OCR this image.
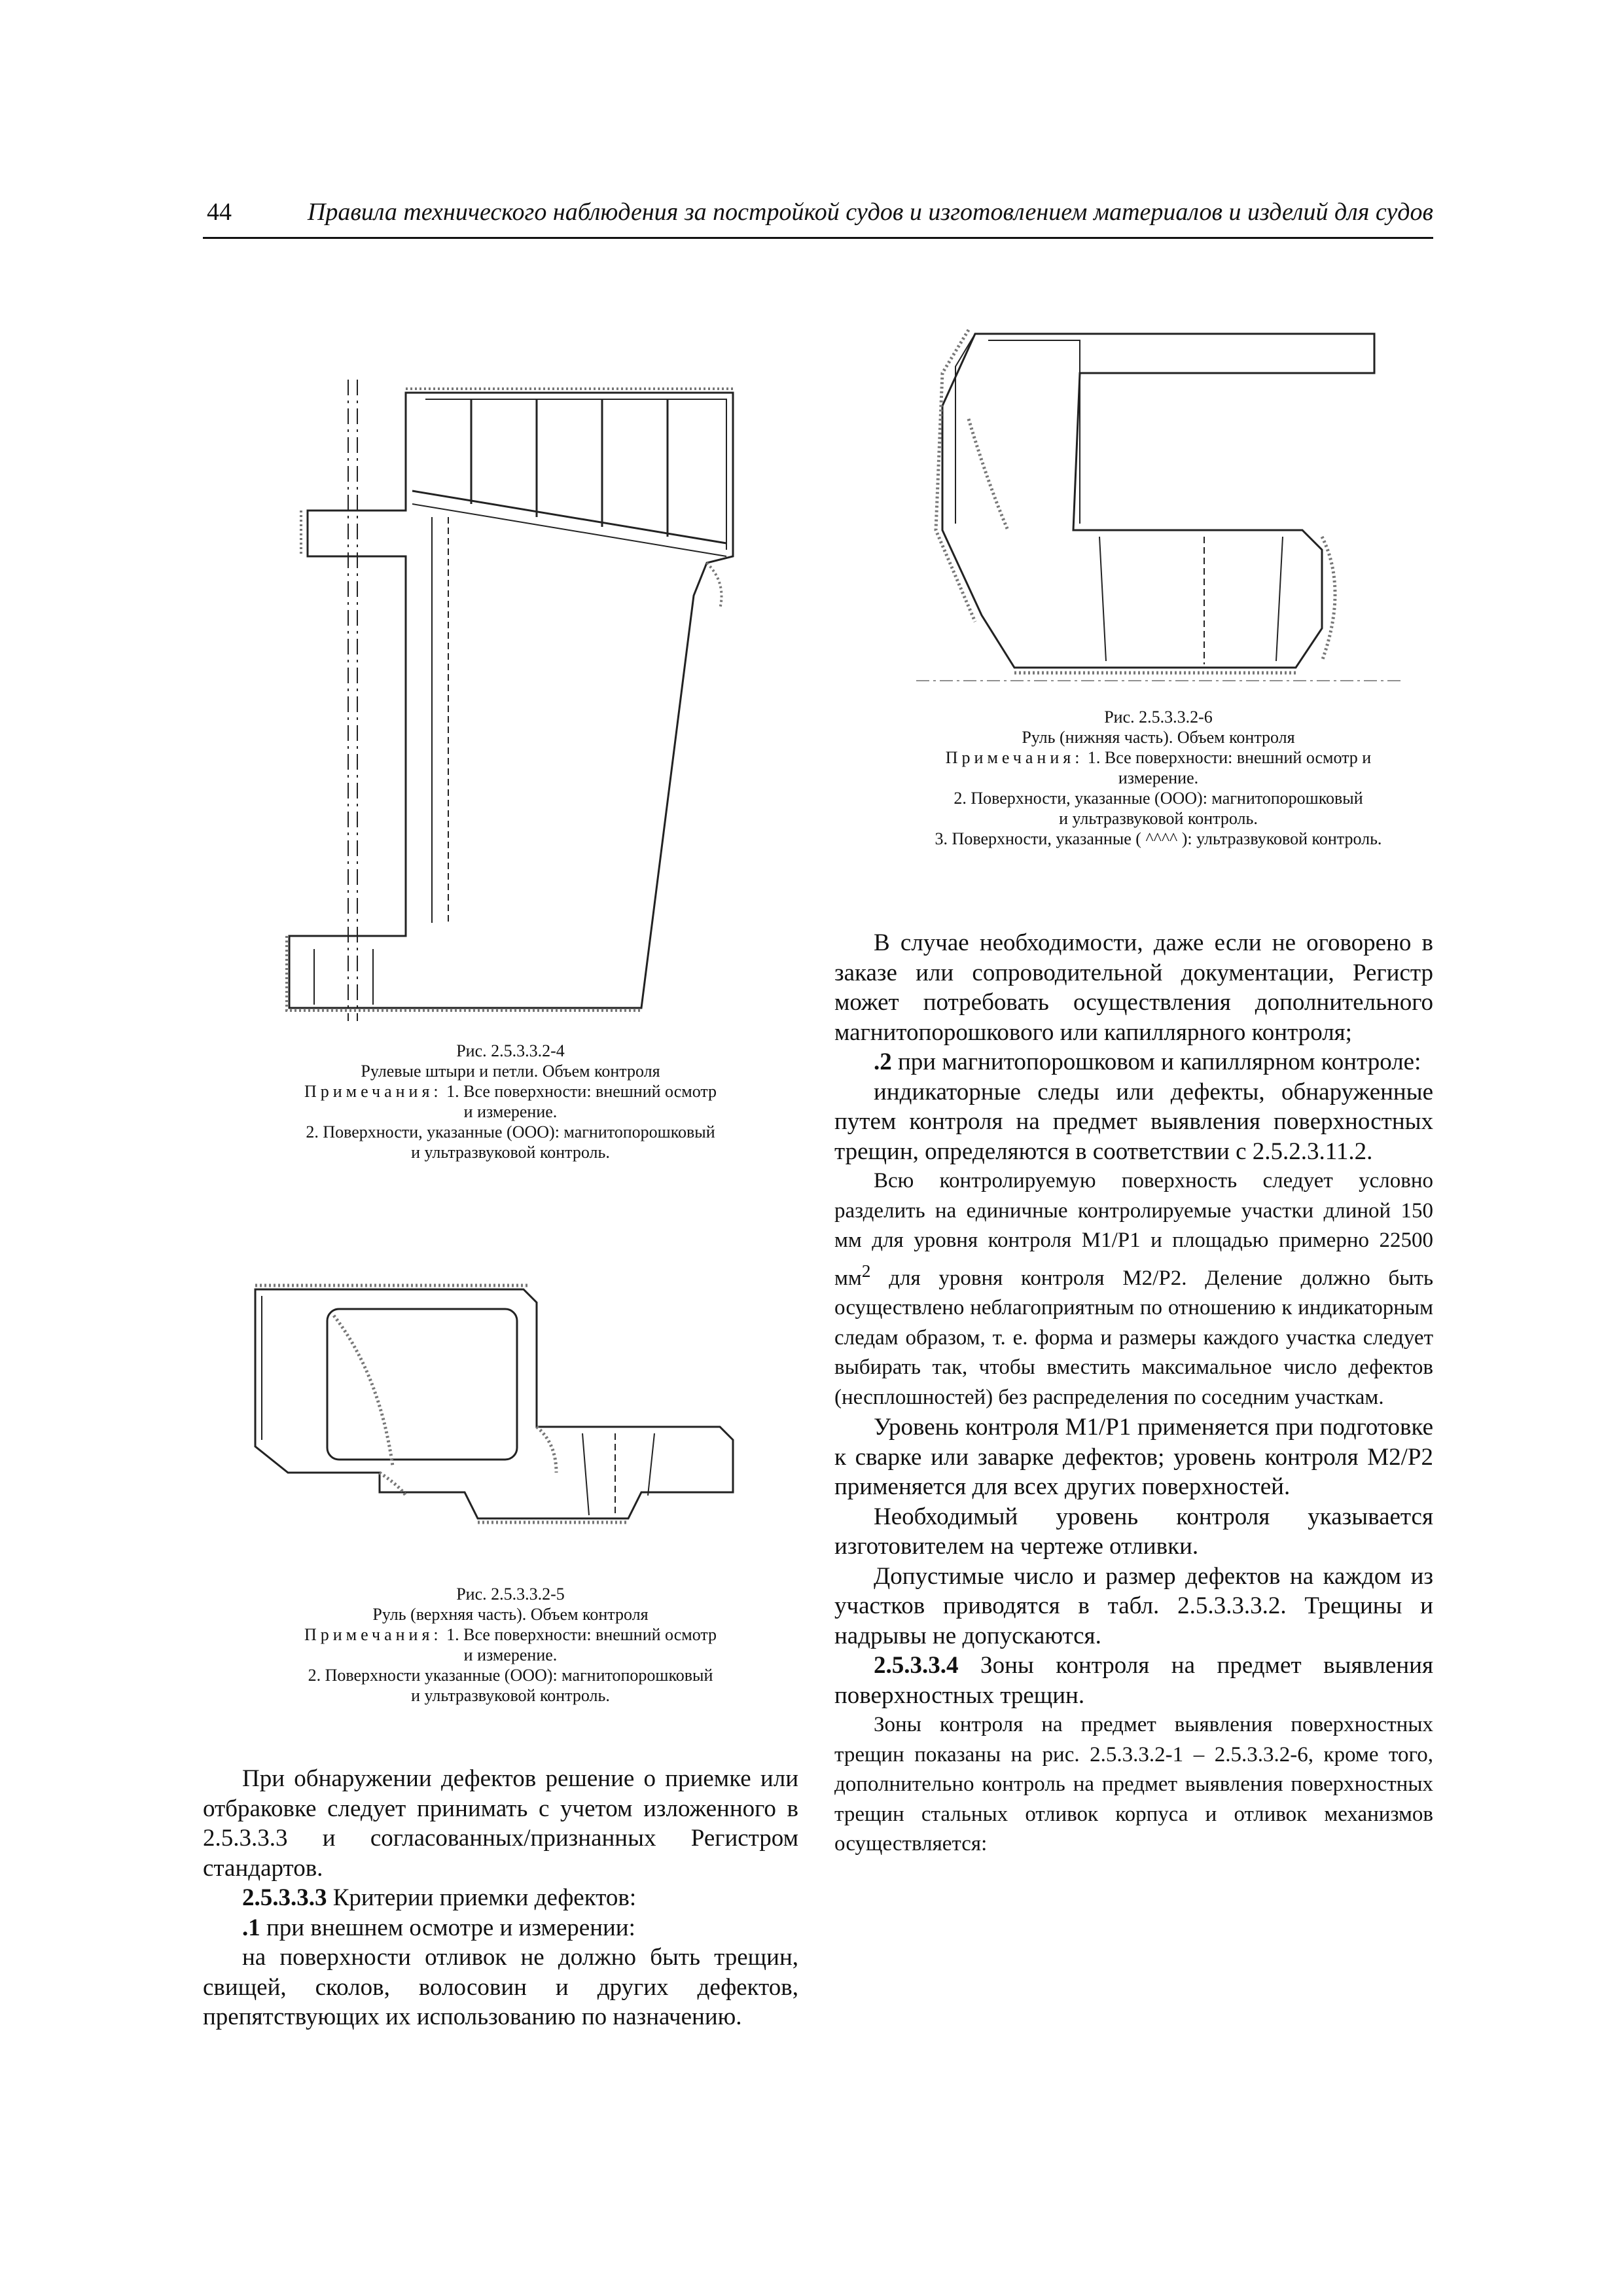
44	Правила технического наблюдения за постройкой судов и изготовлением материалов и изделий для судов
Рис. 2.5.3.3.2-4
Рулевые штыри и петли. Объем контроля
Примечания: 1. Все поверхности: внешний осмотр
и измерение.
2. Поверхности, указанные (ООО): магнитопорошковый
и ультразвуковой контроль.
Рис. 2.5.3.3.2-5
Руль (верхняя часть). Объем контроля
Примечания: 1. Все поверхности: внешний осмотр
и измерение.
2. Поверхности указанные (ООО): магнитопорошковый
и ультразвуковой контроль.
Рис. 2.5.3.3.2-6
Руль (нижняя часть). Объем контроля
Примечания: 1. Все поверхности: внешний осмотр и
измерение.
2. Поверхности, указанные (ООО): магнитопорошковый
и ультразвуковой контроль.
3. Поверхности, указанные ( ^^^^ ): ультразвуковой контроль.

При обнаружении дефектов решение о приемке или отбраковке следует принимать с учетом изложенного в 2.5.3.3.3 и согласованных/признанных Регистром стандартов.

2.5.3.3.3 Критерии приемки дефектов:

.1 при внешнем осмотре и измерении:

на поверхности отливок не должно быть трещин, свищей, сколов, волосовин и других дефектов, препятствующих их использованию по назначению.

В случае необходимости, даже если не оговорено в заказе или сопроводительной документации, Регистр может потребовать осуществления дополнительного магнитопорошкового или капиллярного контроля;

.2 при магнитопорошковом и капиллярном контроле:

индикаторные следы или дефекты, обнаруженные путем контроля на предмет выявления поверхностных трещин, определяются в соответствии с 2.5.2.3.11.2.

Всю контролируемую поверхность следует условно разделить на единичные контролируемые участки длиной 150 мм для уровня контроля M1/P1 и площадью примерно 22500 $мм^2$ для уровня контроля M2/P2. Деление должно быть осуществлено неблагоприятным по отношению к индикаторным следам образом, т. е. форма и размеры каждого участка следует выбирать так, чтобы вместить максимальное число дефектов (несплошностей) без распределения по соседним участкам.

Уровень контроля M1/P1 применяется при подготовке к сварке или заварке дефектов; уровень контроля M2/P2 применяется для всех других поверхностей.

Необходимый уровень контроля указывается изготовителем на чертеже отливки.

Допустимые число и размер дефектов на каждом из участков приводятся в табл. 2.5.3.3.3.2. Трещины и надрывы не допускаются.

2.5.3.3.4 Зоны контроля на предмет выявления поверхностных трещин.

Зоны контроля на предмет выявления поверхностных трещин показаны на рис. 2.5.3.3.2-1 – 2.5.3.3.2-6, кроме того, дополнительно контроль на предмет выявления поверхностных трещин стальных отливок корпуса и отливок механизмов осуществляется:
